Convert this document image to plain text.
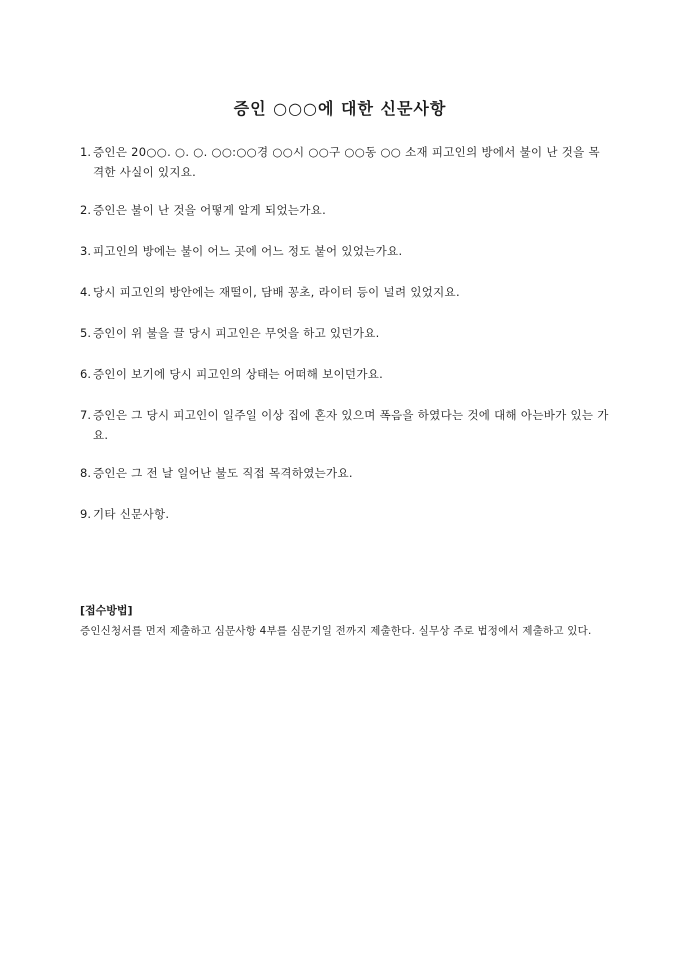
증인 ○○○에 대한 신문사항
1. 증인은 20○○. ○. ○. ○○:○○경 ○○시 ○○구 ○○동 ○○ 소재 피고인의 방에서 불이 난 것을 목격한 사실이 있지요.
2. 증인은 불이 난 것을 어떻게 알게 되었는가요.
3. 피고인의 방에는 불이 어느 곳에 어느 정도 붙어 있었는가요.
4. 당시 피고인의 방안에는 재떨이, 담배 꽁초, 라이터 등이 널려 있었지요.
5. 증인이 위 불을 끌 당시 피고인은 무엇을 하고 있던가요.
6. 증인이 보기에 당시 피고인의 상태는 어떠해 보이던가요.
7. 증인은 그 당시 피고인이 일주일 이상 집에 혼자 있으며 폭음을 하였다는 것에 대해 아는바가 있는 가요.
8. 증인은 그 전 날 일어난 불도 직접 목격하였는가요.
9. 기타 신문사항.
[접수방법]
증인신청서를 먼저 제출하고 심문사항 4부를 심문기일 전까지 제출한다. 실무상 주로 법정에서 제출하고 있다.
